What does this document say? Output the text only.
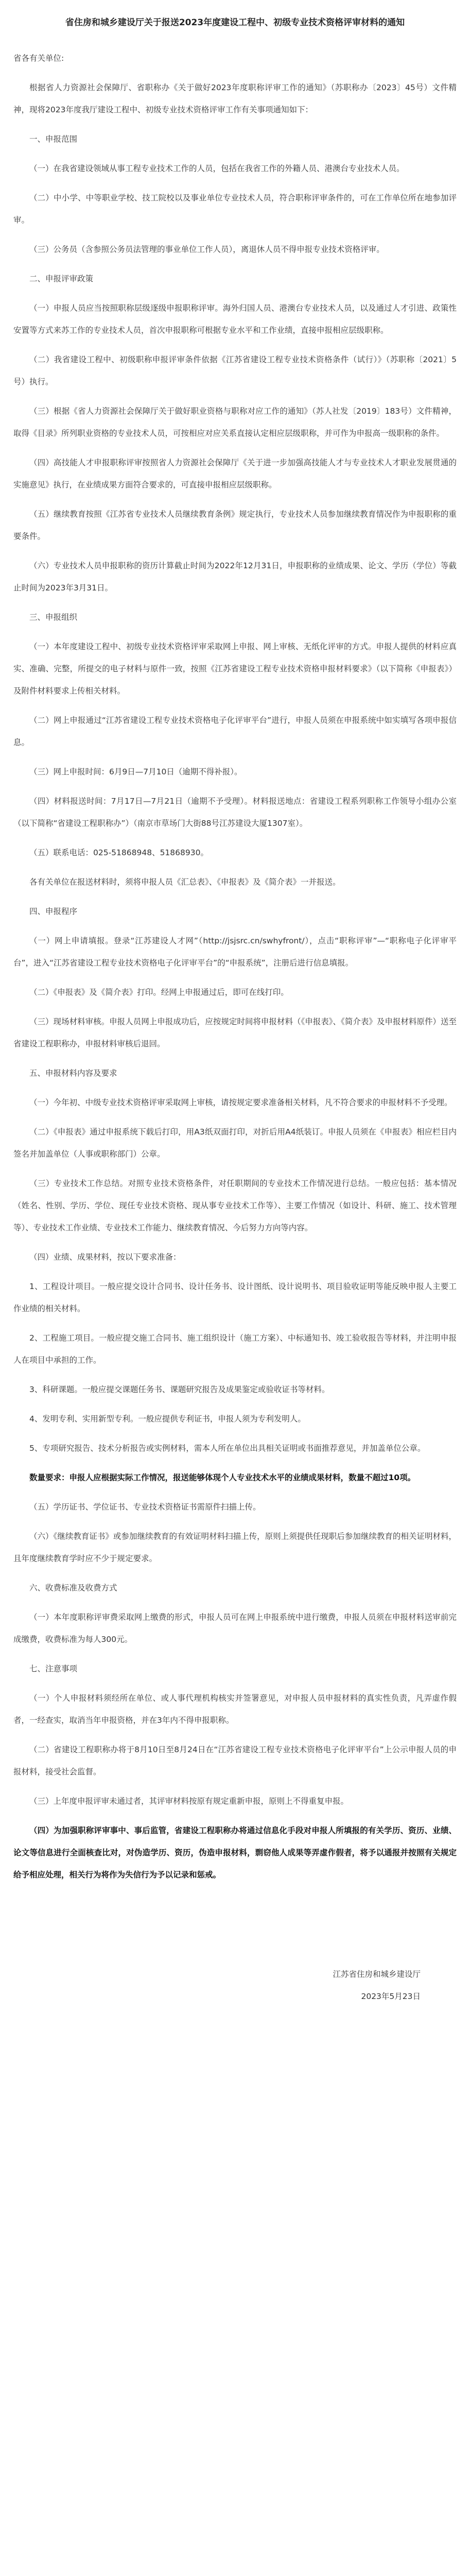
省住房和城乡建设厅关于报送2023年度建设工程中、初级专业技术资格评审材料的通知

省各有关单位:

根据省人力资源社会保障厅、省职称办《关于做好2023年度职称评审工作的通知》（苏职称办〔2023〕45号）文件精神，现将2023年度我厅建设工程中、初级专业技术资格评审工作有关事项通知如下：

一、申报范围

（一）在我省建设领域从事工程专业技术工作的人员，包括在我省工作的外籍人员、港澳台专业技术人员。

（二）中小学、中等职业学校、技工院校以及事业单位专业技术人员，符合职称评审条件的，可在工作单位所在地参加评审。

（三）公务员（含参照公务员法管理的事业单位工作人员），离退休人员不得申报专业技术资格评审。

二、申报评审政策

（一）申报人员应当按照职称层级逐级申报职称评审。海外归国人员、港澳台专业技术人员，以及通过人才引进、政策性安置等方式来苏工作的专业技术人员，首次申报职称可根据专业水平和工作业绩，直接申报相应层级职称。

（二）我省建设工程中、初级职称申报评审条件依据《江苏省建设工程专业技术资格条件（试行）》（苏职称〔2021〕5号）执行。

（三）根据《省人力资源社会保障厅关于做好职业资格与职称对应工作的通知》（苏人社发〔2019〕183号）文件精神，取得《目录》所列职业资格的专业技术人员，可按相应对应关系直接认定相应层级职称，并可作为申报高一级职称的条件。

（四）高技能人才申报职称评审按照省人力资源社会保障厅《关于进一步加强高技能人才与专业技术人才职业发展贯通的实施意见》执行，在业绩成果方面符合要求的，可直接申报相应层级职称。

（五）继续教育按照《江苏省专业技术人员继续教育条例》规定执行，专业技术人员参加继续教育情况作为申报职称的重要条件。

（六）专业技术人员申报职称的资历计算截止时间为2022年12月31日，申报职称的业绩成果、论文、学历（学位）等截止时间为2023年3月31日。

三、申报组织

（一）本年度建设工程中、初级专业技术资格评审采取网上申报、网上审核、无纸化评审的方式。申报人提供的材料应真实、准确、完整，所提交的电子材料与原件一致，按照《江苏省建设工程专业技术资格申报材料要求》（以下简称《申报表》）及附件材料要求上传相关材料。

（二）网上申报通过“江苏省建设工程专业技术资格电子化评审平台”进行，申报人员须在申报系统中如实填写各项申报信息。

（三）网上申报时间：6月9日—7月10日（逾期不得补报）。

（四）材料报送时间：7月17日—7月21日（逾期不予受理）。材料报送地点：省建设工程系列职称工作领导小组办公室（以下简称“省建设工程职称办”）（南京市草场门大街88号江苏建设大厦1307室）。

（五）联系电话：025-51868948、51868930。

各有关单位在报送材料时，须将申报人员《汇总表》、《申报表》及《简介表》一并报送。

四、申报程序

（一）网上申请填报。登录“江苏建设人才网”（http://jsjsrc.cn/swhyfront/），点击“职称评审”—“职称电子化评审平台”，进入“江苏省建设工程专业技术资格电子化评审平台”的“申报系统”，注册后进行信息填报。

（二）《申报表》及《简介表》打印。经网上申报通过后，即可在线打印。

（三）现场材料审核。申报人员网上申报成功后，应按规定时间将申报材料（《申报表》、《简介表》及申报材料原件）送至省建设工程职称办，申报材料审核后退回。

五、申报材料内容及要求

（一）今年初、中级专业技术资格评审采取网上审核，请按规定要求准备相关材料，凡不符合要求的申报材料不予受理。

（二）《申报表》通过申报系统下载后打印，用A3纸双面打印，对折后用A4纸装订。申报人员须在《申报表》相应栏目内签名并加盖单位（人事或职称部门）公章。

（三）专业技术工作总结。对照专业技术资格条件，对任职期间的专业技术工作情况进行总结。一般应包括：基本情况（姓名、性别、学历、学位、现任专业技术资格、现从事专业技术工作等）、主要工作情况（如设计、科研、施工、技术管理等）、专业技术工作业绩、专业技术工作能力、继续教育情况、今后努力方向等内容。

（四）业绩、成果材料，按以下要求准备：

1、工程设计项目。一般应提交设计合同书、设计任务书、设计图纸、设计说明书、项目验收证明等能反映申报人主要工作业绩的相关材料。

2、工程施工项目。一般应提交施工合同书、施工组织设计（施工方案）、中标通知书、竣工验收报告等材料，并注明申报人在项目中承担的工作。

3、科研课题。一般应提交课题任务书、课题研究报告及成果鉴定或验收证书等材料。

4、发明专利、实用新型专利。一般应提供专利证书，申报人须为专利发明人。

5、专项研究报告、技术分析报告或实例材料，需本人所在单位出具相关证明或书面推荐意见，并加盖单位公章。

数量要求：申报人应根据实际工作情况，报送能够体现个人专业技术水平的业绩成果材料，数量不超过10项。

（五）学历证书、学位证书、专业技术资格证书需原件扫描上传。

（六）《继续教育证书》或参加继续教育的有效证明材料扫描上传，原则上须提供任现职后参加继续教育的相关证明材料，且年度继续教育学时应不少于规定要求。

六、收费标准及收费方式

（一）本年度职称评审费采取网上缴费的形式，申报人员可在网上申报系统中进行缴费，申报人员须在申报材料送审前完成缴费，收费标准为每人300元。

七、注意事项

（一）个人申报材料须经所在单位、或人事代理机构核实并签署意见，对申报人员申报材料的真实性负责，凡弄虚作假者，一经查实，取消当年申报资格，并在3年内不得申报职称。

（二）省建设工程职称办将于8月10日至8月24日在“江苏省建设工程专业技术资格电子化评审平台”上公示申报人员的申报材料，接受社会监督。

（三）上年度申报评审未通过者，其评审材料按原有规定重新申报，原则上不得重复申报。

（四）为加强职称评审事中、事后监管，省建设工程职称办将通过信息化手段对申报人所填报的有关学历、资历、业绩、论文等信息进行全面核查比对，对伪造学历、资历，伪造申报材料，剽窃他人成果等弄虚作假者，将予以通报并按照有关规定给予相应处理，相关行为将作为失信行为予以记录和惩戒。

江苏省住房和城乡建设厅

2023年5月23日
